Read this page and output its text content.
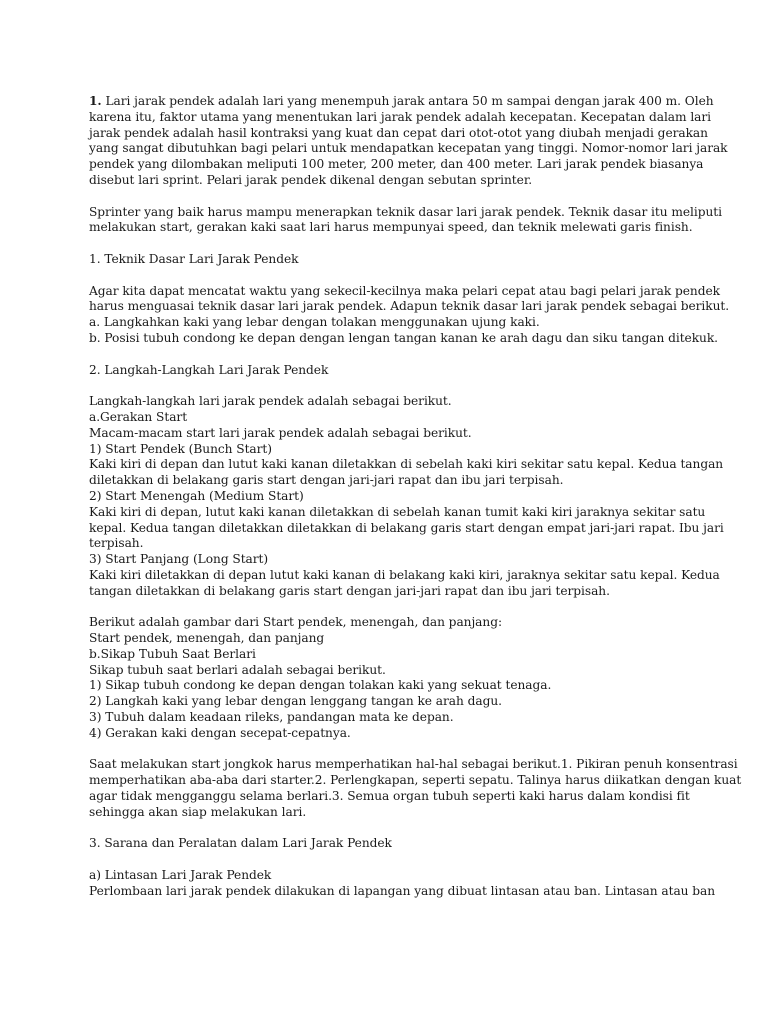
1. Lari jarak pendek adalah lari yang menempuh jarak antara 50 m sampai dengan jarak 400 m. Oleh
karena itu, faktor utama yang menentukan lari jarak pendek adalah kecepatan. Kecepatan dalam lari
jarak pendek adalah hasil kontraksi yang kuat dan cepat dari otot-otot yang diubah menjadi gerakan
yang sangat dibutuhkan bagi pelari untuk mendapatkan kecepatan yang tinggi. Nomor-nomor lari jarak
pendek yang dilombakan meliputi 100 meter, 200 meter, dan 400 meter. Lari jarak pendek biasanya
disebut lari sprint. Pelari jarak pendek dikenal dengan sebutan sprinter.
Sprinter yang baik harus mampu menerapkan teknik dasar lari jarak pendek. Teknik dasar itu meliputi
melakukan start, gerakan kaki saat lari harus mempunyai speed, dan teknik melewati garis finish.
1. Teknik Dasar Lari Jarak Pendek
Agar kita dapat mencatat waktu yang sekecil-kecilnya maka pelari cepat atau bagi pelari jarak pendek
harus menguasai teknik dasar lari jarak pendek. Adapun teknik dasar lari jarak pendek sebagai berikut.
a. Langkahkan kaki yang lebar dengan tolakan menggunakan ujung kaki.
b. Posisi tubuh condong ke depan dengan lengan tangan kanan ke arah dagu dan siku tangan ditekuk.
2. Langkah-Langkah Lari Jarak Pendek
Langkah-langkah lari jarak pendek adalah sebagai berikut.
a.Gerakan Start
Macam-macam start lari jarak pendek adalah sebagai berikut.
1) Start Pendek (Bunch Start)
Kaki kiri di depan dan lutut kaki kanan diletakkan di sebelah kaki kiri sekitar satu kepal. Kedua tangan
diletakkan di belakang garis start dengan jari-jari rapat dan ibu jari terpisah.
2) Start Menengah (Medium Start)
Kaki kiri di depan, lutut kaki kanan diletakkan di sebelah kanan tumit kaki kiri jaraknya sekitar satu
kepal. Kedua tangan diletakkan diletakkan di belakang garis start dengan empat jari-jari rapat. Ibu jari
terpisah.
3) Start Panjang (Long Start)
Kaki kiri diletakkan di depan lutut kaki kanan di belakang kaki kiri, jaraknya sekitar satu kepal. Kedua
tangan diletakkan di belakang garis start dengan jari-jari rapat dan ibu jari terpisah.
Berikut adalah gambar dari Start pendek, menengah, dan panjang:
Start pendek, menengah, dan panjang
b.Sikap Tubuh Saat Berlari
Sikap tubuh saat berlari adalah sebagai berikut.
1) Sikap tubuh condong ke depan dengan tolakan kaki yang sekuat tenaga.
2) Langkah kaki yang lebar dengan lenggang tangan ke arah dagu.
3) Tubuh dalam keadaan rileks, pandangan mata ke depan.
4) Gerakan kaki dengan secepat-cepatnya.
Saat melakukan start jongkok harus memperhatikan hal-hal sebagai berikut.1. Pikiran penuh konsentrasi
memperhatikan aba-aba dari starter.2. Perlengkapan, seperti sepatu. Talinya harus diikatkan dengan kuat
agar tidak mengganggu selama berlari.3. Semua organ tubuh seperti kaki harus dalam kondisi fit
sehingga akan siap melakukan lari.
3. Sarana dan Peralatan dalam Lari Jarak Pendek
a) Lintasan Lari Jarak Pendek
Perlombaan lari jarak pendek dilakukan di lapangan yang dibuat lintasan atau ban. Lintasan atau ban
